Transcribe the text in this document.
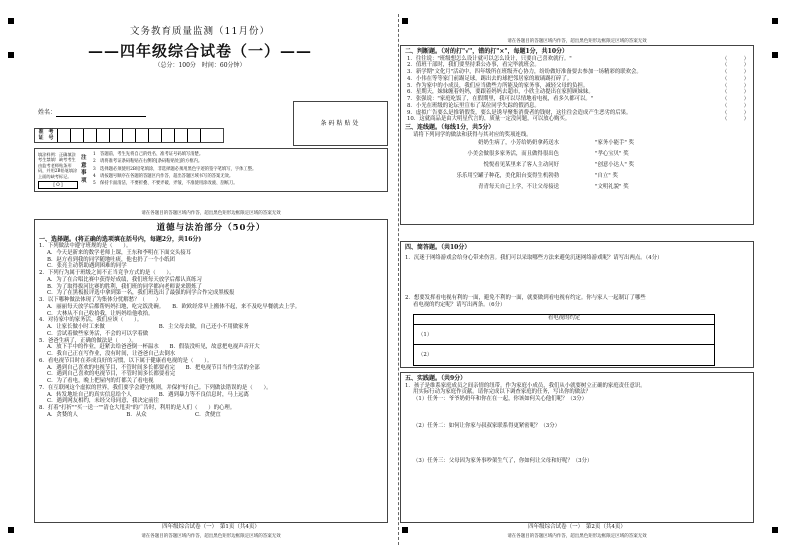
文务教育质量监测（11月份）
——四年级综合试卷（一）——
（总分：100分　时间：60分钟）
姓名：
条码粘贴处
准　考
证　号
填涂样例：正确填涂
考生禁填！缺考考生由监考老师贴条形码，并用2B铅笔填涂上面的缺考标记。
[ O ]
注意事项
1　答题前，考生先将自己的姓名、准考证号码填写清楚。
2　请将准考证条码粘贴在右侧的[条码粘贴处]的方框内。
3　选择题必须使用2B铅笔填涂，非选择题必须用黑色字迹的签字笔填写，字体工整。
4　请按题号顺序在各题的答题区内作答，超出答题区域书写的答案无效。
5　保持卡面清洁，不要折叠、不要弄破、弄皱，不准使用涂改液、刮纸刀。
请在各题目的答题区域内作答，超出黑色矩形边框限定区域的答案无效
道德与法治部分（50分）
一、选择题。(将正确的选项填在括号内，每题2分，共16分)
1．下列做法中遵守班规的是（　　）。
A．今天是新来的数学老师上课，王东和李明在下面交头接耳
B．赵方看到我的同学随地吐痰，他也扔了一个小纸团
C．张亮主动帮助遇到困难的同学
2．下列行为属于班级之间不正当竞争方式的是（　　）。
A．为了在合唱比赛中获得好成绩，我们班每天放学后都认真练习
B．为了取得拔河比赛的胜利，我们班的同学都向老师说来锻炼了
C．为了在黑板报评选中拿到第一名，我们班选出了最强的同学合作完成黑板报
3．以下哪种做法体现了为集体分忧解愁？（　　）
A．丽丽每天放学后都帮妈妈扫地，吃完饭洗碗。　　B．欧欧经常早上搬体不起，来不及吃早餐就去上学。
C．大林从不自己收拾我，让妈妈给他收拾。
4．对待家中的家务活，我们应该（　　）。
A．让家长做小时工来做　　　　　　　　　　B．主父母去做，自己还小不用做家务
C．尝试着做些家务活，不会的可以学着做
5．爸爸生病了，正确的做法是（　　）。
A．放下手中的作业，赶紧去给爸爸倒一杯温水　　B．假装没听见，故意把电视声音开大
C．我自己正在写作业，没有时间，让爸爸自己去倒水
6．看电视节目时在养成良好的习惯，以下属于健康看电视的是（　　）。
A．遇到自己喜欢的电视节目，不管时间多长都要看完　　B．把电视节目当作生活的全部
C．遇到自己喜欢的电视节目，不管时间多长都要看完
C．为了看电，晚上把屋内的灯都关了看电视
7．在互联网这个虚拟的世界，我们要学会遵守规则，并保护好自己。下列做法错误的是（　　）。
A．转发地址自己的真实信息给个人　　　　　B．遇到暴力等不良信息时，马上远离
C．遇到网友相约，未经父母同意，我决定前往
8．打着"打折""买一送一""清仓大甩卖"的广告时，利用的是人们（　　）的心理。
A．贪婪的人　　　　　　　　　B．从众　　　　　　　　　C．贪便宜
四年级综合试卷（一）　第1页（共4页）
请在各题目的答题区域内作答，超出黑色矩形边框限定区域的答案无效
请在各题目的答题区域内作答，超出黑色矩形边框限定区域的答案无效
二、判断题。（对的打"√"，错的打"×"，每题1分，共10分）
1．往往说："班级想怎么设计就可以怎么设计，只要自己喜欢就行。"	（　　　）
2．值班干部时，我们要坚持秉公办事，看完毕就班会。	（　　　）
3．新学期"文化月"活动中，四年级所在班级齐心协力，纷纷做好准备要去参加一场精彩的联欢会。	（　　　）
4．小伟在等等家门前踢足球，踢出去的球把邻居家的玻璃踢打碎了。	（　　　）
5．作为家中的小成员，我们应当做些力所能及的家务事，减轻父母的负担。	（　　　）
6．星期天，妹妹缠着妈妈，要跟着妈妈去超市，小欣主动提出在家照顾妹妹。	（　　　）
7．张强说："家庭吃饭了，在假期里，我可以尽情地看电视，看多久都可以。"	（　　　）
8．小光在班级的论坛里宣布了某位同学失踪的假消息。	（　　　）
9．虚拟广告要么是推销假货，要么是诱导聚集消费者的钱财，这往往会造成产生恶劣的后果。	（　　　）
10．这就商品是由大明星代言的，质量一定没问题，可以放心购买。	（　　　）
三、连线题。（每线1分，共5分）
请将下列同学的做法和获得与其对应的奖项连线。
　　奶奶生病了，小芳给奶奶拿药送水
小美会做很多家务活，而且做得很出色
　　悦悦看见某里来了客人主动问好
乐乐用空罐子种花，美化阳台变得生机勃勃
　　青青每天自己上学，不让父母接送
"家务小能手" 奖
"孝心宝贝" 奖
"创意小达人" 奖
"自立" 奖
"文明礼貌" 奖
四、简答题。（共10分）
1．沉迷于网络游戏会给身心带来伤害。我们可以采取哪些方法来避免沉迷网络游戏呢？请写出两点。（4分）
2．想要发挥看电视有利的一面，避免不利的一面，就要做到看电视有约定。你与家人一起制订了哪些
看电视的约定呢？请写出两条。（6分）
看电视的约定
（1）
（2）
五、实践题。（共9分）
1．孩子是维系家庭成员之间亲情的纽带。作为家庭小成员，我们从小就要树立正确的家庭责任意识。
用实际行动为家庭作贡献。请你完成以下调查家庭的任务，写出你的做法？
（1）任务一：爷爷奶奶年和你在在一起，你该如何关心他们呢？（3分）
（2）任务二：如何让你家与叔叔家联系得更紧密呢？（3分）
（3）任务三：父母因为家务事吵架生气了，你如何让父母和好呢？（3分）
四年级综合试卷（一）　第2页（共4页）
请在各题目的答题区域内作答，超出黑色矩形边框限定区域的答案无效
